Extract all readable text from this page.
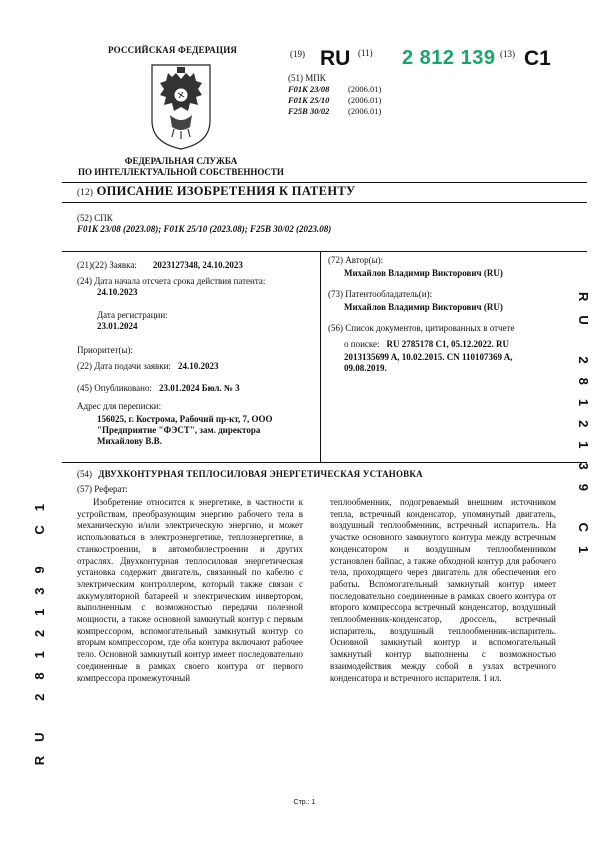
РОССИЙСКАЯ ФЕДЕРАЦИЯ
ФЕДЕРАЛЬНАЯ СЛУЖБА
ПО ИНТЕЛЛЕКТУАЛЬНОЙ СОБСТВЕННОСТИ
(19) RU (11) 2 812 139 (13) C1
(51) МПК
F01K 23/08	(2006.01)
F01K 25/10	(2006.01)
F25B 30/02	(2006.01)
(12) ОПИСАНИЕ ИЗОБРЕТЕНИЯ К ПАТЕНТУ
(52) СПК
F01K 23/08 (2023.08); F01K 25/10 (2023.08); F25B 30/02 (2023.08)
(21)(22) Заявка: 2023127348, 24.10.2023
(24) Дата начала отсчета срока действия патента:
24.10.2023
Дата регистрации:
23.01.2024
Приоритет(ы):
(22) Дата подачи заявки: 24.10.2023
(45) Опубликовано: 23.01.2024 Бюл. № 3
Адрес для переписки:
156025, г. Кострома, Рабочий пр-кт, 7, ООО
"Предприятие "ФЭСТ", зам. директора
Михайлову В.В.
(72) Автор(ы):
Михайлов Владимир Викторович (RU)
(73) Патентообладатель(и):
Михайлов Владимир Викторович (RU)
(56) Список документов, цитированных в отчете
о поиске: RU 2785178 C1, 05.12.2022. RU
2013135699 A, 10.02.2015. CN 110107369 A,
09.08.2019.
(54) ДВУХКОНТУРНАЯ ТЕПЛОСИЛОВАЯ ЭНЕРГЕТИЧЕСКАЯ УСТАНОВКА
(57) Реферат:

Изобретение относится к энергетике, в частности к устройствам, преобразующим энергию рабочего тела в механическую и/или электрическую энергию, и может использоваться в электроэнергетике, теплоэнергетике, в станкостроении, в автомобилестроении и других отраслях. Двухконтурная теплосиловая энергетическая установка содержит двигатель, связанный по кабелю с электрическим контроллером, который также связан с аккумуляторной батареей и электрическим инвертором, выполненным с возможностью передачи полезной мощности, а также основной замкнутый контур с первым компрессором, вспомогательный замкнутый контур со вторым компрессором, где оба контура включают рабочее тело. Основной замкнутый контур имеет последовательно соединенные в рамках своего контура от первого компрессора промежуточный

теплообменник, подогреваемый внешним источником тепла, встречный конденсатор, упомянутый двигатель, воздушный теплообменник, встречный испаритель. На участке основного замкнутого контура между встречным конденсатором и воздушным теплообменником установлен байпас, а также обходной контур для рабочего тела, проходящего через двигатель для обеспечения его работы. Вспомогательный замкнутый контур имеет последовательно соединенные в рамках своего контура от второго компрессора встречный конденсатор, воздушный теплообменник-конденсатор, дроссель, встречный испаритель, воздушный теплообменник-испаритель. Основной замкнутый контур и вспомогательный замкнутый контур выполнены с возможностью взаимодействия между собой в узлах встречного конденсатора и встречного испарителя. 1 ил.

RU 2812139 C1
RU 2812139 C1
Стр.: 1
